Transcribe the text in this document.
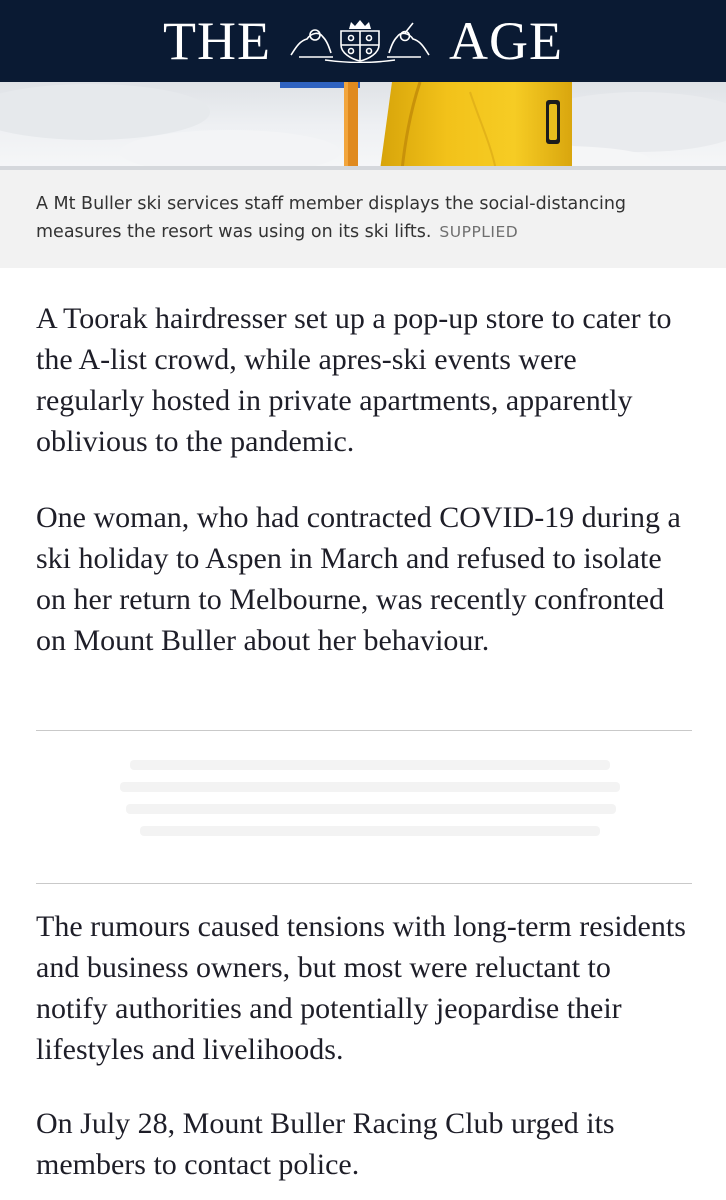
THE	AGE
A Mt Buller ski services staff member displays the social-distancing measures the resort was using on its ski lifts. SUPPLIED

A Toorak hairdresser set up a pop-up store to cater to the A-list crowd, while apres-ski events were regularly hosted in private apartments, apparently oblivious to the pandemic.

One woman, who had contracted COVID-19 during a ski holiday to Aspen in March and refused to isolate on her return to Melbourne, was recently confronted on Mount Buller about her behaviour.

The rumours caused tensions with long-term residents and business owners, but most were reluctant to notify authorities and potentially jeopardise their lifestyles and livelihoods.

On July 28, Mount Buller Racing Club urged its members to contact police.
